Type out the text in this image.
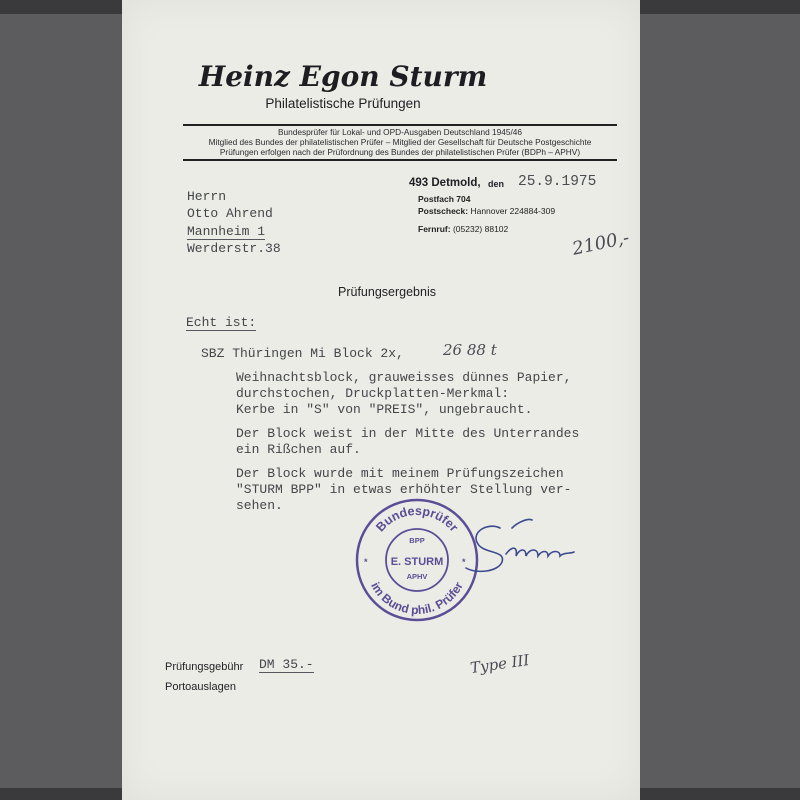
Heinz Egon Sturm
Philatelistische Prüfungen
Bundesprüfer für Lokal- und OPD-Ausgaben Deutschland 1945/46
Mitglied des Bundes der philatelistischen Prüfer – Mitglied der Gesellschaft für Deutsche Postgeschichte
Prüfungen erfolgen nach der Prüfordnung des Bundes der philatelistischen Prüfer (BDPh – APHV)
493 Detmold, den 25.9.1975
Postfach 704
Postscheck: Hannover 224884-309
Fernruf: (05232) 88102
Herrn
Otto Ahrend
Mannheim 1
Werderstr.38	2100,-
Prüfungsergebnis
Echt ist:
SBZ Thüringen Mi Block 2x,	26 88 t
Weihnachtsblock, grauweisses dünnes Papier,
durchstochen, Druckplatten-Merkmal:
Kerbe in "S" von "PREIS", ungebraucht.
Der Block weist in der Mitte des Unterrandes
ein Rißchen auf.
Der Block wurde mit meinem Prüfungszeichen
"STURM BPP" in etwas erhöhter Stellung ver-
sehen.
Bundesprüfer
im Bund phil. Prüfer
BPP
E. STURM
APHV
*	*
Prüfungsgebühr DM 35.-
Portoauslagen
Type III
